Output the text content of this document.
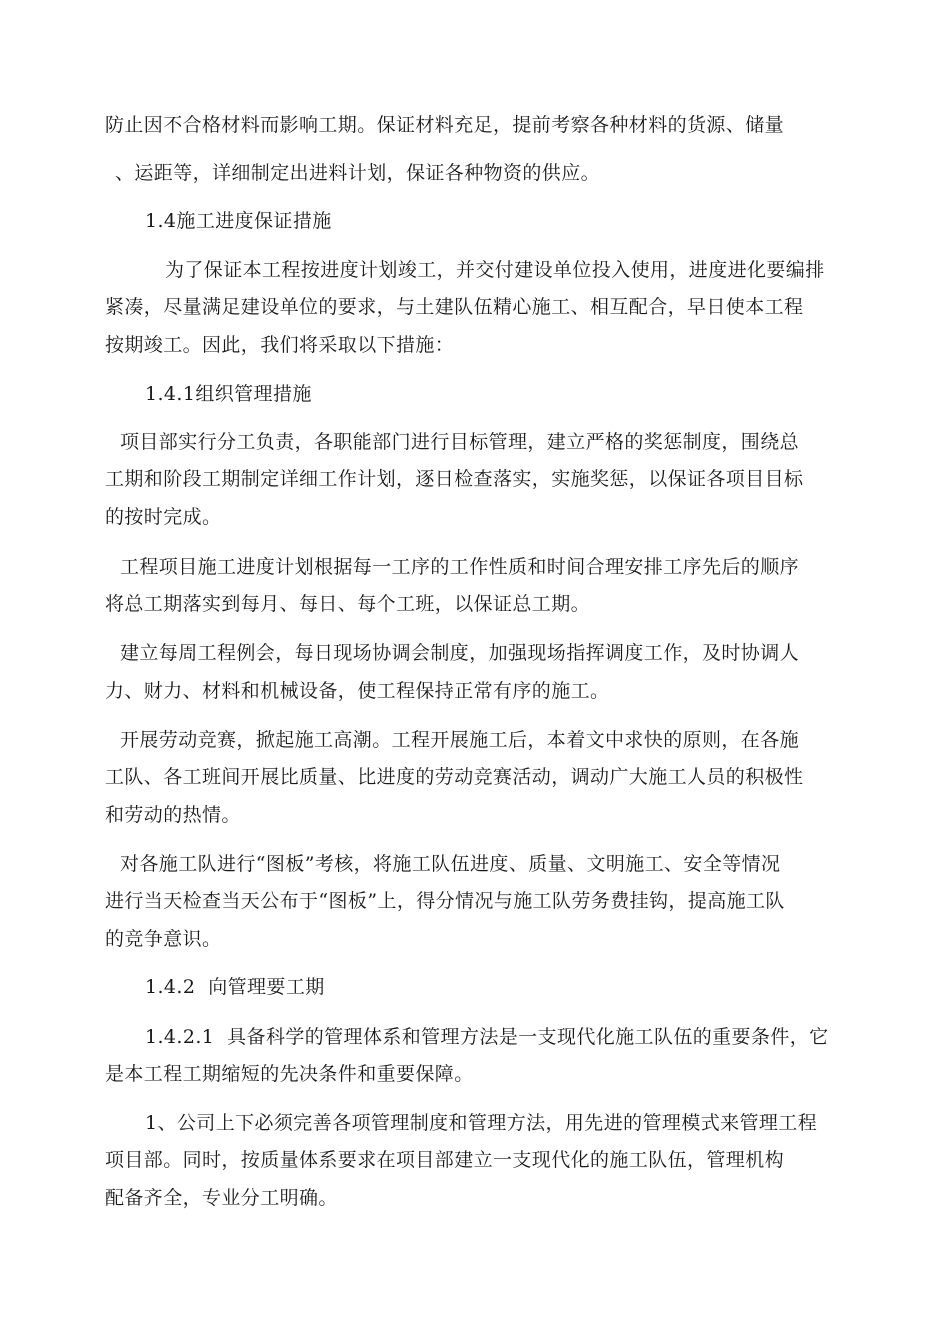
防止因不合格材料而影响工期。保证材料充足，提前考察各种材料的货源、储量
、运距等，详细制定出进料计划，保证各种物资的供应。
1.4施工进度保证措施
为了保证本工程按进度计划竣工，并交付建设单位投入使用，进度进化要编排
紧凑，尽量满足建设单位的要求，与土建队伍精心施工、相互配合，早日使本工程
按期竣工。因此，我们将采取以下措施：
1.4.1组织管理措施
项目部实行分工负责，各职能部门进行目标管理，建立严格的奖惩制度，围绕总
工期和阶段工期制定详细工作计划，逐日检查落实，实施奖惩，以保证各项目目标
的按时完成。
工程项目施工进度计划根据每一工序的工作性质和时间合理安排工序先后的顺序
将总工期落实到每月、每日、每个工班，以保证总工期。
建立每周工程例会，每日现场协调会制度，加强现场指挥调度工作，及时协调人
力、财力、材料和机械设备，使工程保持正常有序的施工。
开展劳动竞赛，掀起施工高潮。工程开展施工后，本着文中求快的原则，在各施
工队、各工班间开展比质量、比进度的劳动竞赛活动，调动广大施工人员的积极性
和劳动的热情。
对各施工队进行“图板”考核，将施工队伍进度、质量、文明施工、安全等情况
进行当天检查当天公布于“图板”上，得分情况与施工队劳务费挂钩，提高施工队
的竞争意识。
1.4.2  向管理要工期
1.4.2.1  具备科学的管理体系和管理方法是一支现代化施工队伍的重要条件，它
是本工程工期缩短的先决条件和重要保障。
1、公司上下必须完善各项管理制度和管理方法，用先进的管理模式来管理工程
项目部。同时，按质量体系要求在项目部建立一支现代化的施工队伍，管理机构
配备齐全，专业分工明确。
